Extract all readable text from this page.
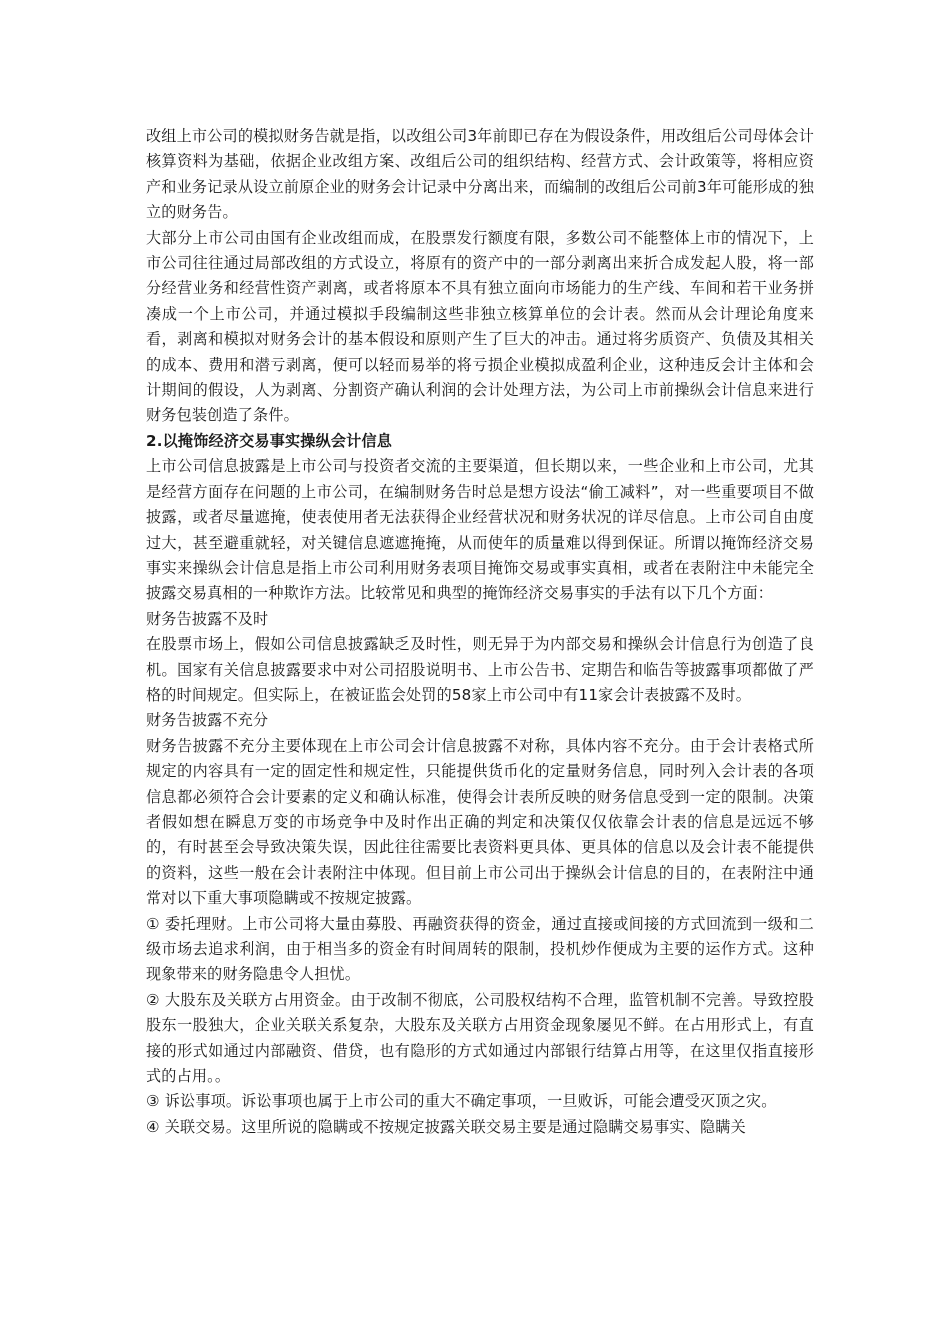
改组上市公司的模拟财务告就是指，以改组公司3年前即已存在为假设条件，用改组后公司母体会计核算资料为基础，依据企业改组方案、改组后公司的组织结构、经营方式、会计政策等，将相应资产和业务记录从设立前原企业的财务会计记录中分离出来，而编制的改组后公司前3年可能形成的独立的财务告。

大部分上市公司由国有企业改组而成，在股票发行额度有限，多数公司不能整体上市的情况下，上市公司往往通过局部改组的方式设立，将原有的资产中的一部分剥离出来折合成发起人股，将一部分经营业务和经营性资产剥离，或者将原本不具有独立面向市场能力的生产线、车间和若干业务拼凑成一个上市公司，并通过模拟手段编制这些非独立核算单位的会计表。然而从会计理论角度来看，剥离和模拟对财务会计的基本假设和原则产生了巨大的冲击。通过将劣质资产、负债及其相关的成本、费用和潜亏剥离，便可以轻而易举的将亏损企业模拟成盈利企业，这种违反会计主体和会计期间的假设，人为剥离、分割资产确认利润的会计处理方法，为公司上市前操纵会计信息来进行财务包装创造了条件。

2.以掩饰经济交易事实操纵会计信息

上市公司信息披露是上市公司与投资者交流的主要渠道，但长期以来，一些企业和上市公司，尤其是经营方面存在问题的上市公司，在编制财务告时总是想方设法“偷工减料”，对一些重要项目不做披露，或者尽量遮掩，使表使用者无法获得企业经营状况和财务状况的详尽信息。上市公司自由度过大，甚至避重就轻，对关键信息遮遮掩掩，从而使年的质量难以得到保证。所谓以掩饰经济交易事实来操纵会计信息是指上市公司利用财务表项目掩饰交易或事实真相，或者在表附注中未能完全披露交易真相的一种欺诈方法。比较常见和典型的掩饰经济交易事实的手法有以下几个方面：

财务告披露不及时

在股票市场上，假如公司信息披露缺乏及时性，则无异于为内部交易和操纵会计信息行为创造了良机。国家有关信息披露要求中对公司招股说明书、上市公告书、定期告和临告等披露事项都做了严格的时间规定。但实际上，在被证监会处罚的58家上市公司中有11家会计表披露不及时。

财务告披露不充分

财务告披露不充分主要体现在上市公司会计信息披露不对称，具体内容不充分。由于会计表格式所规定的内容具有一定的固定性和规定性，只能提供货币化的定量财务信息，同时列入会计表的各项信息都必须符合会计要素的定义和确认标准，使得会计表所反映的财务信息受到一定的限制。决策者假如想在瞬息万变的市场竞争中及时作出正确的判定和决策仅仅依靠会计表的信息是远远不够的，有时甚至会导致决策失误，因此往往需要比表资料更具体、更具体的信息以及会计表不能提供的资料，这些一般在会计表附注中体现。但目前上市公司出于操纵会计信息的目的，在表附注中通常对以下重大事项隐瞒或不按规定披露。

① 委托理财。上市公司将大量由募股、再融资获得的资金，通过直接或间接的方式回流到一级和二级市场去追求利润，由于相当多的资金有时间周转的限制，投机炒作便成为主要的运作方式。这种现象带来的财务隐患令人担忧。

② 大股东及关联方占用资金。由于改制不彻底，公司股权结构不合理，监管机制不完善。导致控股股东一股独大，企业关联关系复杂，大股东及关联方占用资金现象屡见不鲜。在占用形式上，有直接的形式如通过内部融资、借贷，也有隐形的方式如通过内部银行结算占用等，在这里仅指直接形式的占用。。

③ 诉讼事项。诉讼事项也属于上市公司的重大不确定事项，一旦败诉，可能会遭受灭顶之灾。

④ 关联交易。这里所说的隐瞒或不按规定披露关联交易主要是通过隐瞒交易事实、隐瞒关
